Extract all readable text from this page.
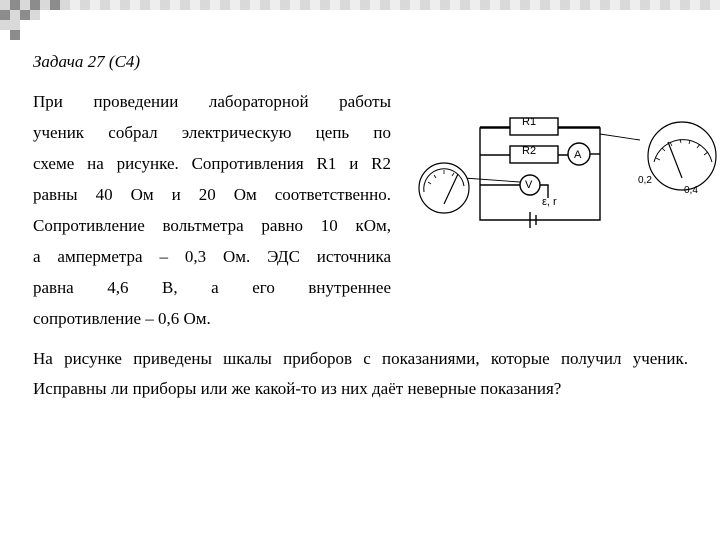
Задача 27 (С4)

При проведении лабораторной работы

ученик собрал электрическую цепь по

схеме на рисунке. Сопротивления R1 и R2

равны 40 Ом и 20 Ом соответственно.

Сопротивление вольтметра равно 10 кОм,

а амперметра – 0,3 Ом. ЭДС источника

равна 4,6 В, а его внутреннее

сопротивление – 0,6 Ом.

R1
R2	A
V
ε, r
0,2
0,4

На рисунке приведены шкалы приборов с показаниями, которые получил ученик. Исправны ли приборы или же какой-то из них даёт неверные показания?
